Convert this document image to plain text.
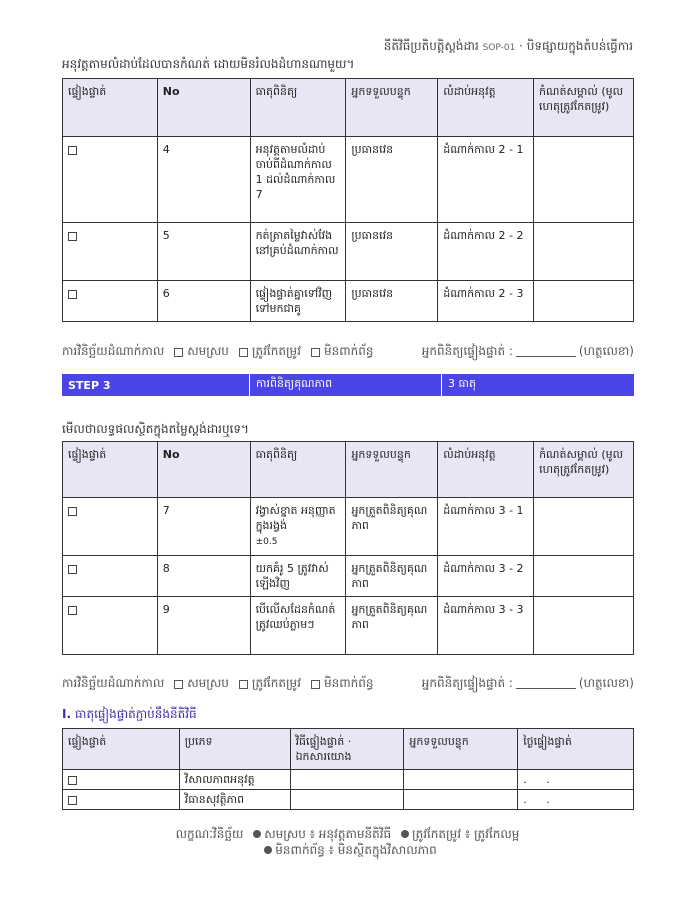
នីតិវិធីប្រតិបត្តិស្តង់ដារ SOP-01 · បិទផ្សាយក្នុងតំបន់ធ្វើការ
អនុវត្តតាមលំដាប់ដែលបានកំណត់ ដោយមិនរំលងដំហានណាមួយ។
ផ្ទៀងផ្ទាត់	No	ធាតុពិនិត្យ	អ្នកទទួលបន្ទុក	លំដាប់អនុវត្ត	កំណត់សម្គាល់ (មូលហេតុត្រូវកែតម្រូវ)
	4	អនុវត្តតាមលំដាប់ចាប់ពីដំណាក់កាល 1 ដល់ដំណាក់កាល 7	ប្រធានវេន	ដំណាក់កាល 2 - 1	
	5	កត់ត្រាតម្លៃវាស់វែងនៅគ្រប់ដំណាក់កាល	ប្រធានវេន	ដំណាក់កាល 2 - 2	
	6	ផ្ទៀងផ្ទាត់គ្នាទៅវិញទៅមកជាគូ	ប្រធានវេន	ដំណាក់កាល 2 - 3	
ការវិនិច្ឆ័យដំណាក់កាល សមស្រប ត្រូវកែតម្រូវ មិនពាក់ព័ន្ធ	អ្នកពិនិត្យផ្ទៀងផ្ទាត់ :	(ហត្ថលេខា)
STEP 3	ការពិនិត្យគុណភាព	3 ធាតុ
មើលថាលទ្ធផលស្ថិតក្នុងតម្លៃស្តង់ដារឬទេ។
ផ្ទៀងផ្ទាត់	No	ធាតុពិនិត្យ	អ្នកទទួលបន្ទុក	លំដាប់អនុវត្ត	កំណត់សម្គាល់ (មូលហេតុត្រូវកែតម្រូវ)
	7	វង្វាស់ខ្នាត អនុញ្ញាតក្នុងរង្វង់
±0.5	អ្នកត្រួតពិនិត្យគុណភាព	ដំណាក់កាល 3 - 1	
	8	យកគំរូ 5 ត្រូវវាស់ឡើងវិញ	អ្នកត្រួតពិនិត្យគុណភាព	ដំណាក់កាល 3 - 2	
	9	បើលើសដែនកំណត់ ត្រូវឈប់ភ្លាមៗ	អ្នកត្រួតពិនិត្យគុណភាព	ដំណាក់កាល 3 - 3	
ការវិនិច្ឆ័យដំណាក់កាល សមស្រប ត្រូវកែតម្រូវ មិនពាក់ព័ន្ធ	អ្នកពិនិត្យផ្ទៀងផ្ទាត់ :	(ហត្ថលេខា)
I. ធាតុផ្ទៀងផ្ទាត់ភ្ជាប់នឹងនីតិវិធី
ផ្ទៀងផ្ទាត់	ប្រភេទ	វិធីផ្ទៀងផ្ទាត់ · ឯកសារយោង	អ្នកទទួលបន្ទុក	ថ្ងៃផ្ទៀងផ្ទាត់
	វិសាលភាពអនុវត្ត			. .
	វិធានសុវត្ថិភាព			. .
លក្ខណៈវិនិច្ឆ័យ សមស្រប ៖ អនុវត្តតាមនីតិវិធី ត្រូវកែតម្រូវ ៖ ត្រូវកែលម្អ
មិនពាក់ព័ន្ធ ៖ មិនស្ថិតក្នុងវិសាលភាព
